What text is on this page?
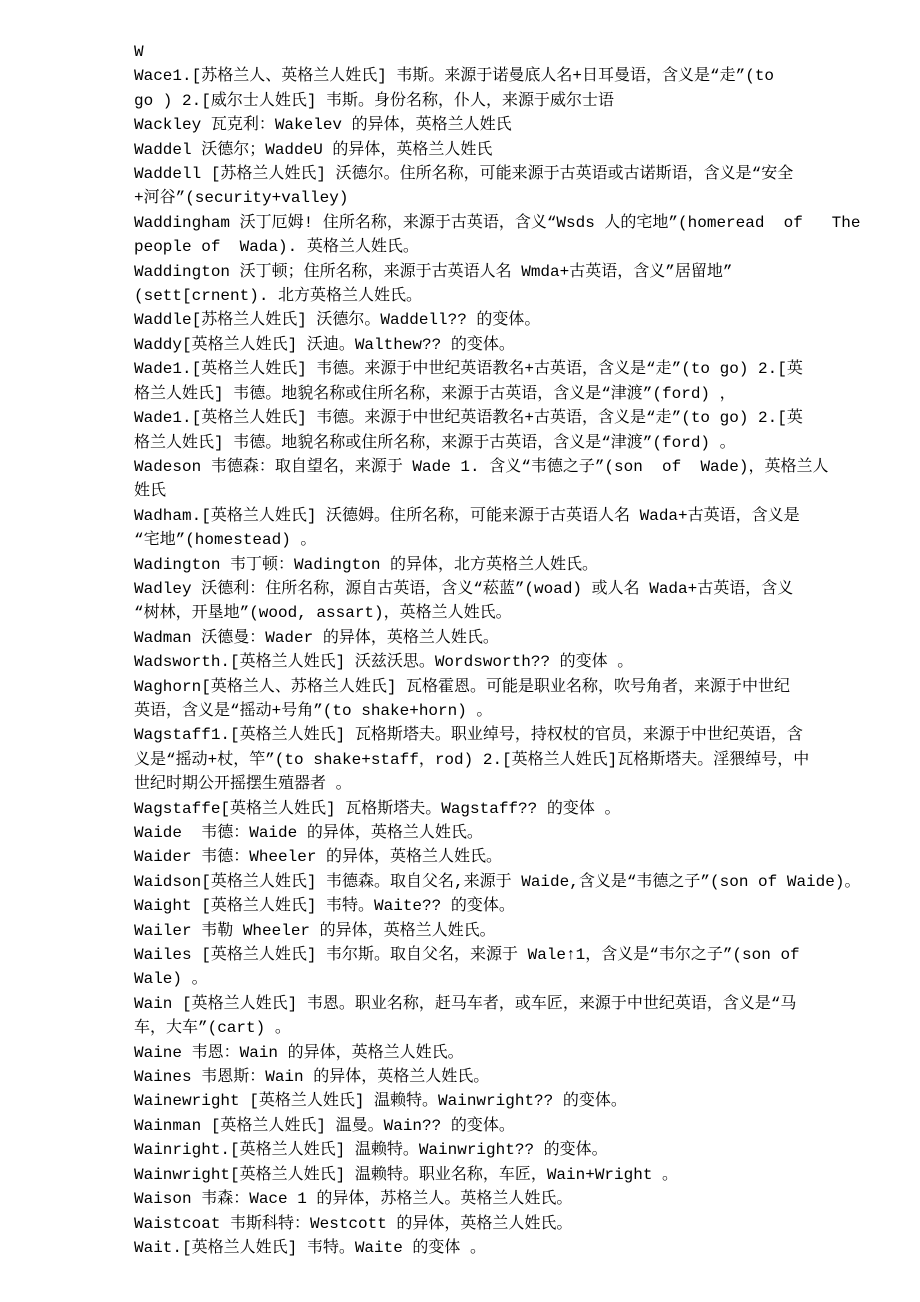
W
Wace1.[苏格兰人、英格兰人姓氏] 韦斯。来源于诺曼底人名+日耳曼语，含义是“走”(to
go ) 2.[威尔士人姓氏] 韦斯。身份名称，仆人，来源于威尔士语
Wackley 瓦克利：Wakelev 的异体，英格兰人姓氏
Waddel 沃德尔；WaddeU 的异体，英格兰人姓氏
Waddell [苏格兰人姓氏] 沃德尔。住所名称，可能来源于古英语或古诺斯语，含义是“安全
+河谷”(security+valley)
Waddingham 沃丁厄姆! 住所名称，来源于古英语，含义“Wsds 人的宅地”(homeread  of   The
people of  Wada). 英格兰人姓氏。
Waddington 沃丁顿；住所名称，来源于古英语人名 Wmda+古英语，含义”居留地”
(sett[crnent). 北方英格兰人姓氏。
Waddle[苏格兰人姓氏] 沃德尔。Waddell?? 的变体。
Waddy[英格兰人姓氏] 沃迪。Walthew?? 的变体。
Wade1.[英格兰人姓氏] 韦德。来源于中世纪英语教名+古英语，含义是“走”(to go) 2.[英
格兰人姓氏] 韦德。地貌名称或住所名称，来源于古英语，含义是“津渡”(ford) ，
Wade1.[英格兰人姓氏] 韦德。来源于中世纪英语教名+古英语，含义是“走”(to go) 2.[英
格兰人姓氏] 韦德。地貌名称或住所名称，来源于古英语，含义是“津渡”(ford) 。
Wadeson 韦德森：取自望名，来源于 Wade 1. 含义“韦德之子”(son  of  Wade)，英格兰人
姓氏
Wadham.[英格兰人姓氏] 沃德姆。住所名称，可能来源于古英语人名 Wada+古英语，含义是
“宅地”(homestead) 。
Wadington 韦丁顿：Wadington 的异体，北方英格兰人姓氏。
Wadley 沃德利：住所名称，源自古英语，含义“菘蓝”(woad) 或人名 Wada+古英语，含义
“树林，开垦地”(wood, assart)，英格兰人姓氏。
Wadman 沃德曼：Wader 的异体，英格兰人姓氏。
Wadsworth.[英格兰人姓氏] 沃兹沃思。Wordsworth?? 的变体 。
Waghorn[英格兰人、苏格兰人姓氏] 瓦格霍恩。可能是职业名称，吹号角者，来源于中世纪
英语，含义是“摇动+号角”(to shake+horn) 。
Wagstaff1.[英格兰人姓氏] 瓦格斯塔夫。职业绰号，持权杖的官员，来源于中世纪英语，含
义是“摇动+杖，竿”(to shake+staff，rod) 2.[英格兰人姓氏]瓦格斯塔夫。淫猥绰号，中
世纪时期公开摇摆生殖器者 。
Wagstaffe[英格兰人姓氏] 瓦格斯塔夫。Wagstaff?? 的变体 。
Waide  韦德：Waide 的异体，英格兰人姓氏。
Waider 韦德：Wheeler 的异体，英格兰人姓氏。
Waidson[英格兰人姓氏] 韦德森。取自父名,来源于 Waide,含义是“韦德之子”(son of Waide)。
Waight [英格兰人姓氏] 韦特。Waite?? 的变体。
Wailer 韦勒 Wheeler 的异体，英格兰人姓氏。
Wailes [英格兰人姓氏] 韦尔斯。取自父名，来源于 Wale↑1，含义是“韦尔之子”(son of
Wale) 。
Wain [英格兰人姓氏] 韦恩。职业名称，赶马车者，或车匠，来源于中世纪英语，含义是“马
车，大车”(cart) 。
Waine 韦恩：Wain 的异体，英格兰人姓氏。
Waines 韦恩斯：Wain 的异体，英格兰人姓氏。
Wainewright [英格兰人姓氏] 温赖特。Wainwright?? 的变体。
Wainman [英格兰人姓氏] 温曼。Wain?? 的变体。
Wainright.[英格兰人姓氏] 温赖特。Wainwright?? 的变体。
Wainwright[英格兰人姓氏] 温赖特。职业名称，车匠，Wain+Wright 。
Waison 韦森：Wace 1 的异体，苏格兰人。英格兰人姓氏。
Waistcoat 韦斯科特：Westcott 的异体，英格兰人姓氏。
Wait.[英格兰人姓氏] 韦特。Waite 的变体 。
